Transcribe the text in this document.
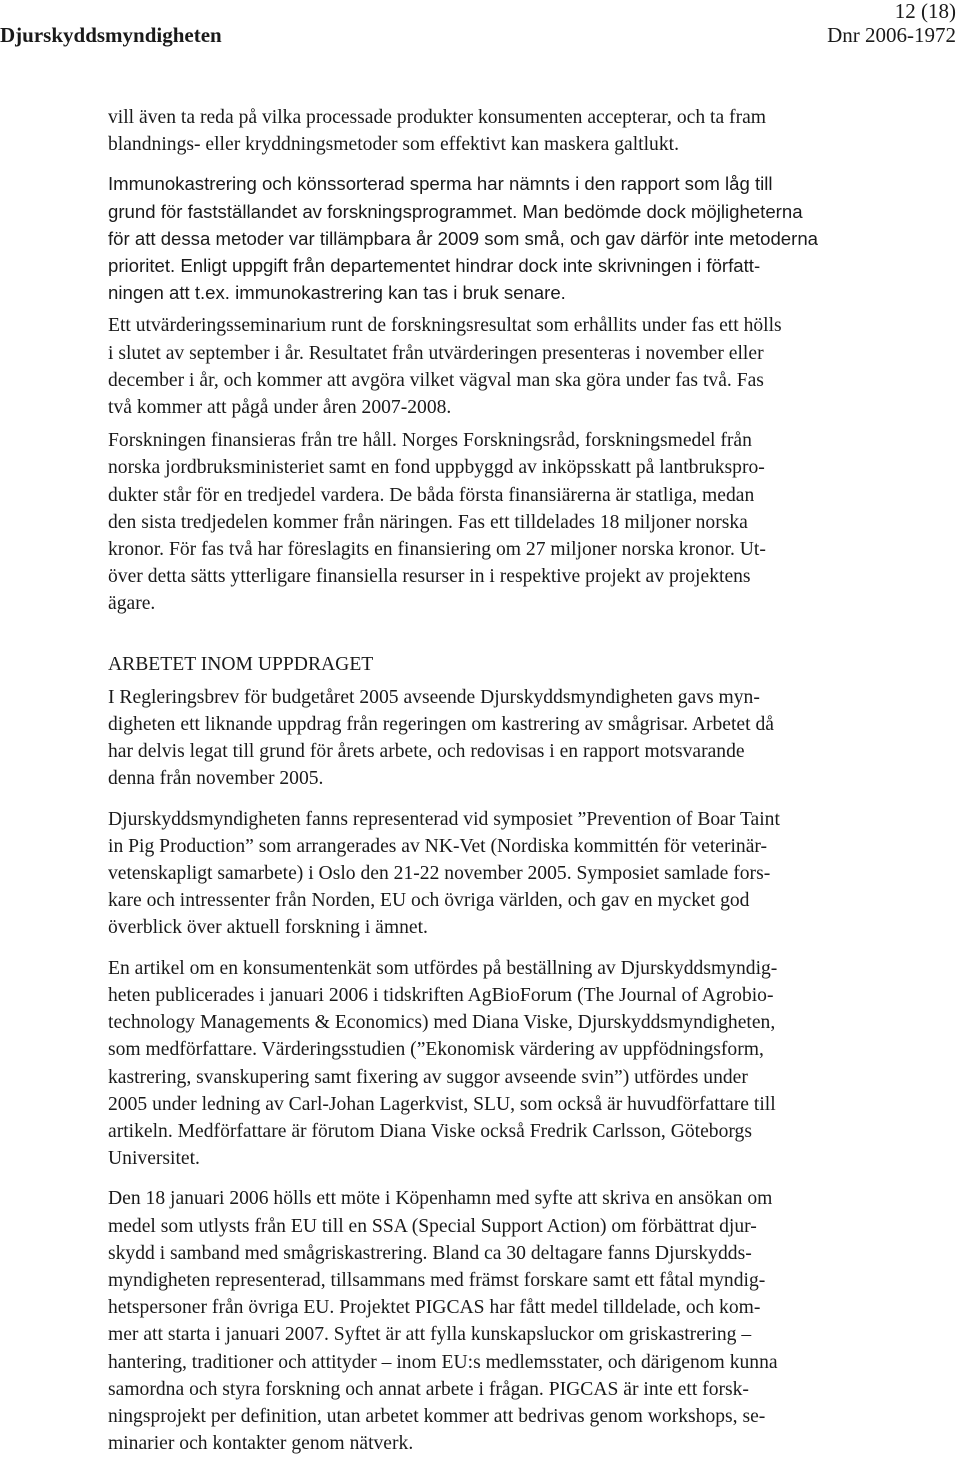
12 (18)
Djurskyddsmyndigheten	Dnr 2006-1972

vill även ta reda på vilka processade produkter konsumenten accepterar, och ta fram
blandnings- eller kryddningsmetoder som effektivt kan maskera galtlukt.

Immunokastrering och könssorterad sperma har nämnts i den rapport som låg till
grund för fastställandet av forskningsprogrammet. Man bedömde dock möjligheterna
för att dessa metoder var tillämpbara år 2009 som små, och gav därför inte metoderna
prioritet. Enligt uppgift från departementet hindrar dock inte skrivningen i författ-
ningen att t.ex. immunokastrering kan tas i bruk senare.

Ett utvärderingsseminarium runt de forskningsresultat som erhållits under fas ett hölls
i slutet av september i år. Resultatet från utvärderingen presenteras i november eller
december i år, och kommer att avgöra vilket vägval man ska göra under fas två. Fas
två kommer att pågå under åren 2007-2008.

Forskningen finansieras från tre håll. Norges Forskningsråd, forskningsmedel från
norska jordbruksministeriet samt en fond uppbyggd av inköpsskatt på lantbrukspro-
dukter står för en tredjedel vardera. De båda första finansiärerna är statliga, medan
den sista tredjedelen kommer från näringen. Fas ett tilldelades 18 miljoner norska
kronor. För fas två har föreslagits en finansiering om 27 miljoner norska kronor. Ut-
över detta sätts ytterligare finansiella resurser in i respektive projekt av projektens
ägare.

ARBETET INOM UPPDRAGET

I Regleringsbrev för budgetåret 2005 avseende Djurskyddsmyndigheten gavs myn-
digheten ett liknande uppdrag från regeringen om kastrering av smågrisar. Arbetet då
har delvis legat till grund för årets arbete, och redovisas i en rapport motsvarande
denna från november 2005.

Djurskyddsmyndigheten fanns representerad vid symposiet ”Prevention of Boar Taint
in Pig Production” som arrangerades av NK-Vet (Nordiska kommittén för veterinär-
vetenskapligt samarbete) i Oslo den 21-22 november 2005. Symposiet samlade fors-
kare och intressenter från Norden, EU och övriga världen, och gav en mycket god
överblick över aktuell forskning i ämnet.

En artikel om en konsumentenkät som utfördes på beställning av Djurskyddsmyndig-
heten publicerades i januari 2006 i tidskriften AgBioForum (The Journal of Agrobio-
technology Managements & Economics) med Diana Viske, Djurskyddsmyndigheten,
som medförfattare. Värderingsstudien (”Ekonomisk värdering av uppfödningsform,
kastrering, svanskupering samt fixering av suggor avseende svin”) utfördes under
2005 under ledning av Carl-Johan Lagerkvist, SLU, som också är huvudförfattare till
artikeln. Medförfattare är förutom Diana Viske också Fredrik Carlsson, Göteborgs
Universitet.

Den 18 januari 2006 hölls ett möte i Köpenhamn med syfte att skriva en ansökan om
medel som utlysts från EU till en SSA (Special Support Action) om förbättrat djur-
skydd i samband med smågriskastrering. Bland ca 30 deltagare fanns Djurskydds-
myndigheten representerad, tillsammans med främst forskare samt ett fåtal myndig-
hetspersoner från övriga EU. Projektet PIGCAS har fått medel tilldelade, och kom-
mer att starta i januari 2007. Syftet är att fylla kunskapsluckor om griskastrering –
hantering, traditioner och attityder – inom EU:s medlemsstater, och därigenom kunna
samordna och styra forskning och annat arbete i frågan. PIGCAS är inte ett forsk-
ningsprojekt per definition, utan arbetet kommer att bedrivas genom workshops, se-
minarier och kontakter genom nätverk.
